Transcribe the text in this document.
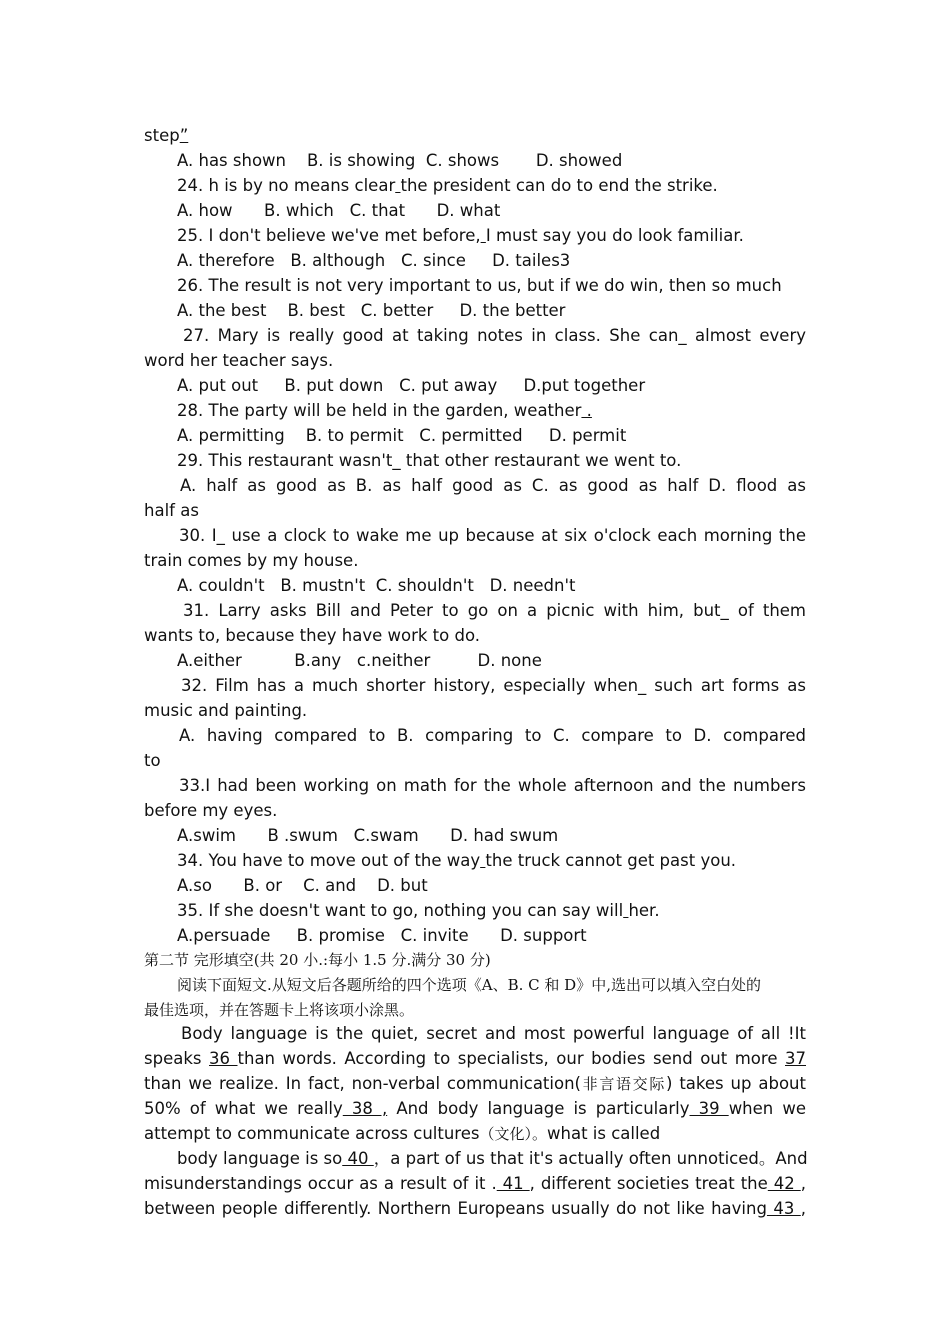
step”
A. has shown    B. is showing  C. shows       D. showed
24. h is by no means clear the president can do to end the strike.
A. how      B. which   C. that      D. what
25. I don't believe we've met before, I must say you do look familiar.
A. therefore   B. although   C. since     D. tailes3
26. The result is not very important to us, but if we do win, then so much
A. the best    B. best   C. better     D. the better
27. Mary is really good at taking notes in class. She can_ almost every
word her teacher says.
A. put out     B. put down   C. put away     D.put together
28. The party will be held in the garden, weather .
A. permitting    B. to permit   C. permitted     D. permit
29. This restaurant wasn't_ that other restaurant we went to.
A. half as good as B. as half good as C. as good as half D. flood as
half as
30. I_ use a clock to wake me up because at six o'clock each morning the
train comes by my house.
A. couldn't   B. mustn't  C. shouldn't   D. needn't
31. Larry asks Bill and Peter to go on a picnic with him, but_ of them
wants to, because they have work to do.
A.either          B.any   c.neither         D. none
32. Film has a much shorter history, especially when_ such art forms as
music and painting.
A. having compared to B. comparing to C. compare to D. compared
to
33.I had been working on math for the whole afternoon and the numbers
before my eyes.
A.swim      B .swum   C.swam      D. had swum
34. You have to move out of the way the truck cannot get past you.
A.so      B. or    C. and    D. but
35. If she doesn't want to go, nothing you can say will her.
A.persuade     B. promise   C. invite      D. support
第二节 完形填空(共 20 小.:每小 1.5 分.满分 30 分)
阅读下面短文.从短文后各题所给的四个选项《A、B. C 和 D》中,选出可以填入空白处的
最佳选项，并在答题卡上将该项小涂黑。
Body language is the quiet, secret and most powerful language of all !It
speaks 36 than words. According to specialists, our bodies send out more 37
than we realize. In fact, non-verbal communication(非言语交际) takes up about
50% of what we really 38 , And body language is particularly 39 when we
attempt to communicate across cultures（文化）。what is called
body language is so 40 ，a part of us that it's actually often unnoticed。And
misunderstandings occur as a result of it . 41 , different societies treat the 42 ,
between people differently. Northern Europeans usually do not like having 43 ,
